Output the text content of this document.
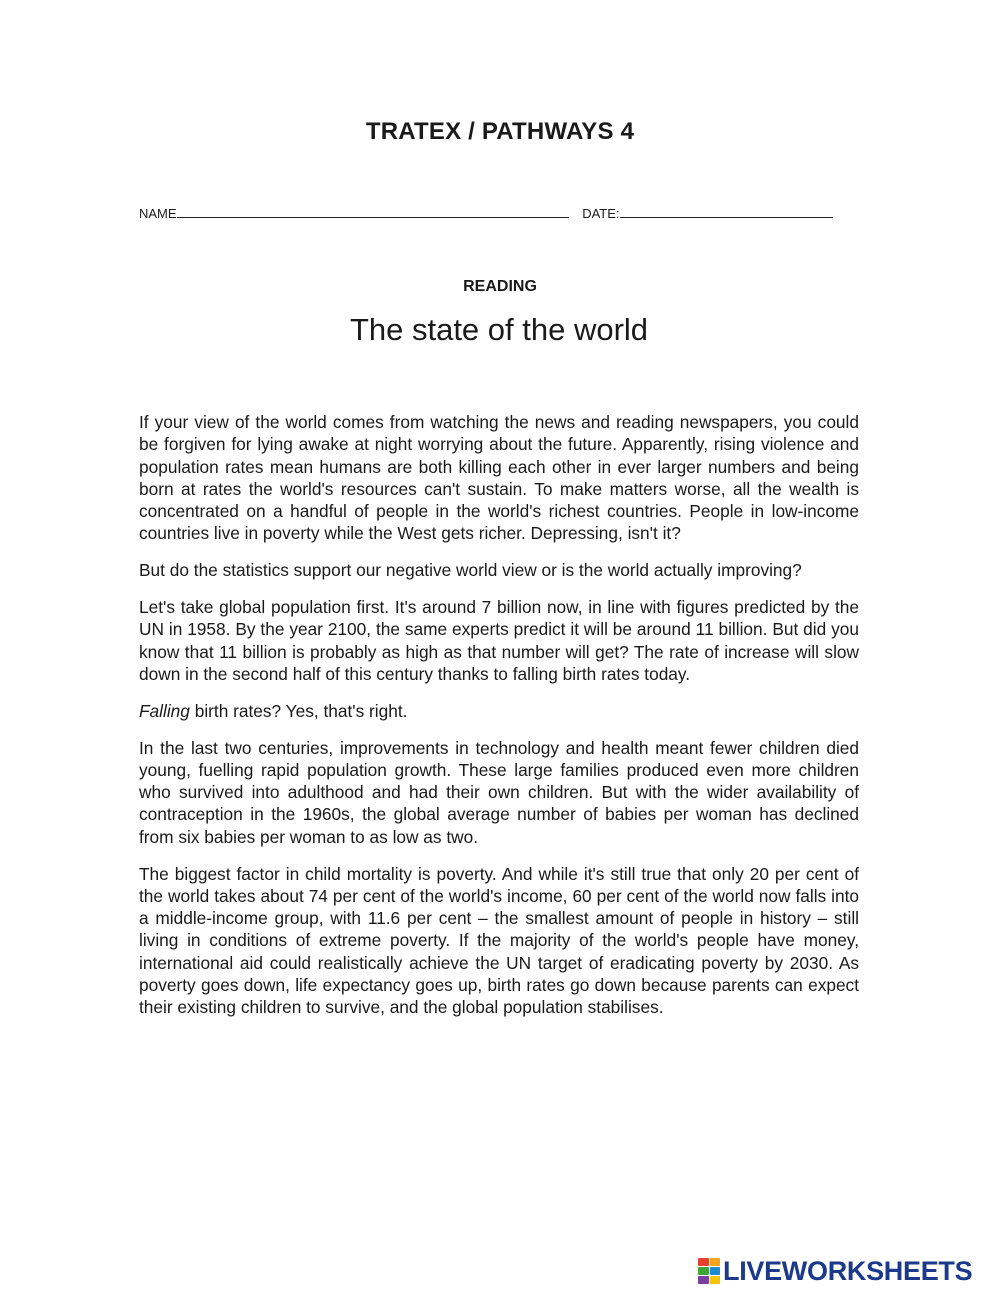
TRATEX / PATHWAYS 4
NAME	DATE:
READING
The state of the world

If your view of the world comes from watching the news and reading newspapers, you could be forgiven for lying awake at night worrying about the future. Apparently, rising violence and population rates mean humans are both killing each other in ever larger numbers and being born at rates the world's resources can't sustain. To make matters worse, all the wealth is concentrated on a handful of people in the world's richest countries. People in low-income countries live in poverty while the West gets richer. Depressing, isn't it?

But do the statistics support our negative world view or is the world actually improving?

Let's take global population first. It's around 7 billion now, in line with figures predicted by the UN in 1958. By the year 2100, the same experts predict it will be around 11 billion. But did you know that 11 billion is probably as high as that number will get? The rate of increase will slow down in the second half of this century thanks to falling birth rates today.

Falling birth rates? Yes, that's right.

In the last two centuries, improvements in technology and health meant fewer children died young, fuelling rapid population growth. These large families produced even more children who survived into adulthood and had their own children. But with the wider availability of contraception in the 1960s, the global average number of babies per woman has declined from six babies per woman to as low as two.

The biggest factor in child mortality is poverty. And while it's still true that only 20 per cent of the world takes about 74 per cent of the world's income, 60 per cent of the world now falls into a middle-income group, with 11.6 per cent – the smallest amount of people in history – still living in conditions of extreme poverty. If the majority of the world's people have money, international aid could realistically achieve the UN target of eradicating poverty by 2030. As poverty goes down, life expectancy goes up, birth rates go down because parents can expect their existing children to survive, and the global population stabilises.

LIVEWORKSHEETS
